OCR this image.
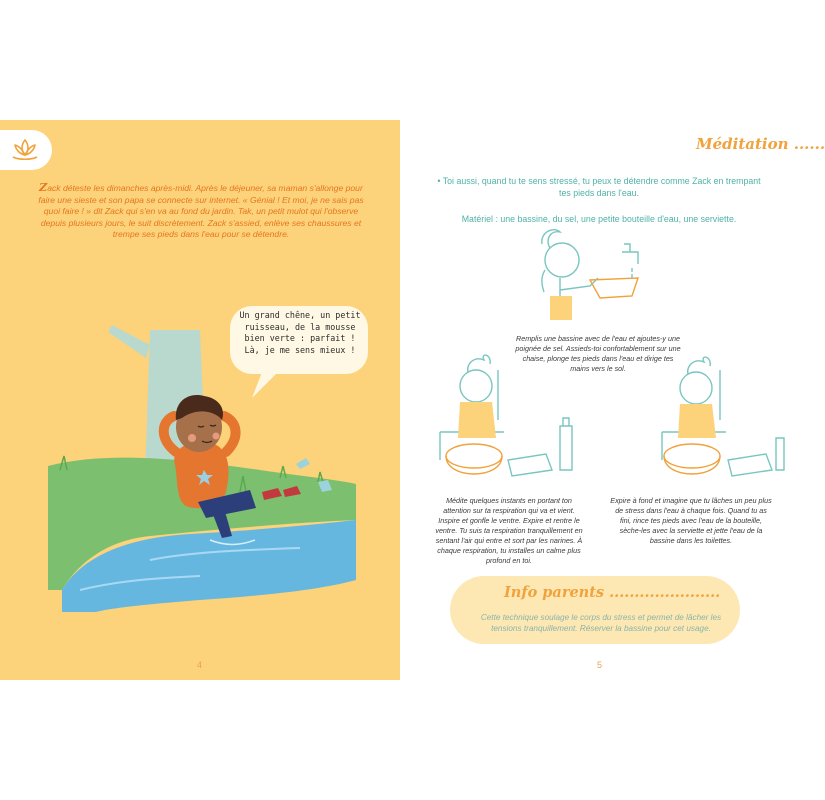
Zack déteste les dimanches après-midi. Après le déjeuner, sa maman s'allonge pour faire une sieste et son papa se connecte sur internet. « Génial ! Et moi, je ne sais pas quoi faire ! » dit Zack qui s'en va au fond du jardin. Tak, un petit mulot qui l'observe depuis plusieurs jours, le suit discrètement. Zack s'assied, enlève ses chaussures et trempe ses pieds dans l'eau pour se détendre.
Un grand chêne, un petit ruisseau, de la mousse bien verte : parfait ! Là, je me sens mieux !
4
Méditation ......
• Toi aussi, quand tu te sens stressé, tu peux te détendre comme Zack en trempant tes pieds dans l'eau.
Matériel : une bassine, du sel, une petite bouteille d'eau, une serviette.
Remplis une bassine avec de l'eau et ajoutes-y une poignée de sel. Assieds-toi confortablement sur une chaise, plonge tes pieds dans l'eau et dirige tes mains vers le sol.
Médite quelques instants en portant ton attention sur ta respiration qui va et vient. Inspire et gonfle le ventre. Expire et rentre le ventre. Tu suis ta respiration tranquillement en sentant l'air qui entre et sort par les narines. À chaque respiration, tu installes un calme plus profond en toi.
Expire à fond et imagine que tu lâches un peu plus de stress dans l'eau à chaque fois. Quand tu as fini, rince tes pieds avec l'eau de la bouteille, sèche-les avec la serviette et jette l'eau de la bassine dans les toilettes.
Info parents ......................
Cette technique soulage le corps du stress et permet de lâcher les tensions tranquillement. Réserver la bassine pour cet usage.
5
